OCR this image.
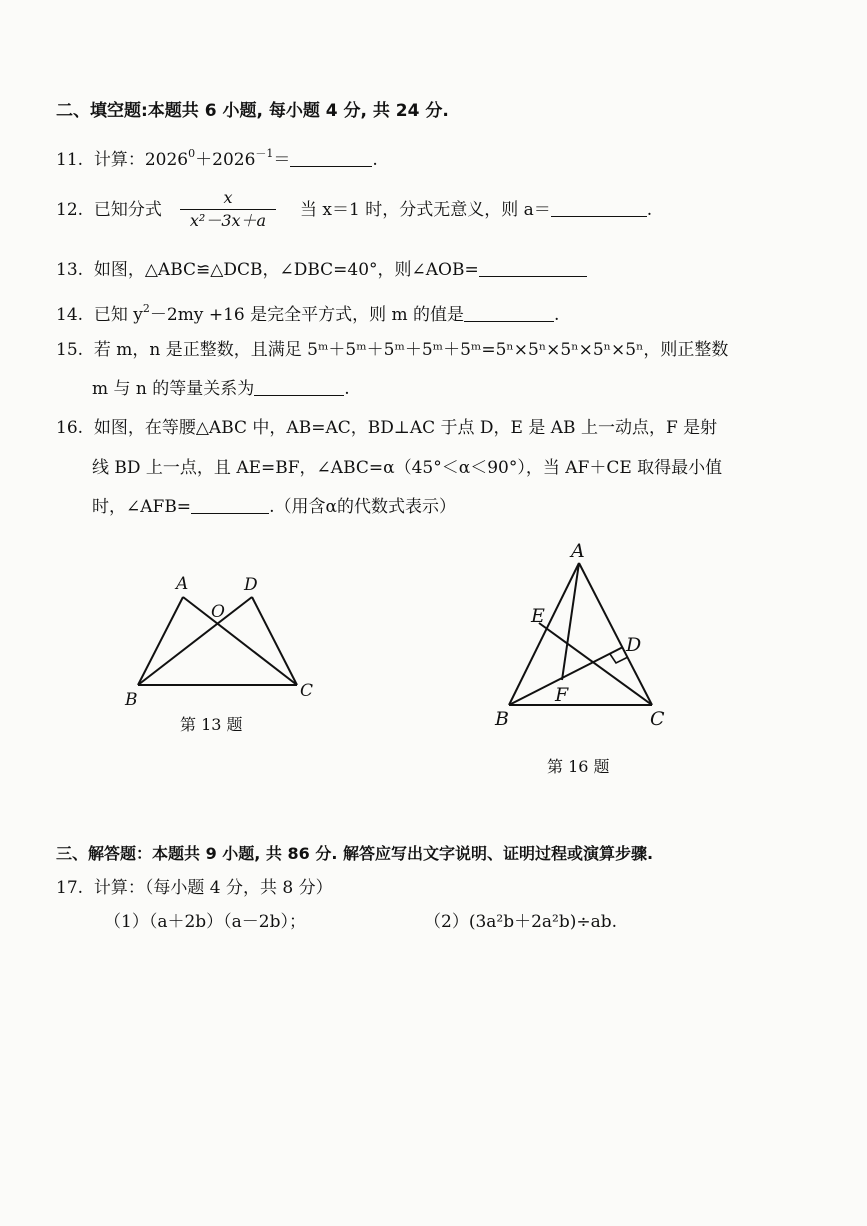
二、填空题:本题共 6 小题, 每小题 4 分, 共 24 分.
11. 计算：$2026^0+2026^{-1}=$	.
12. 已知分式
x
x²－3x＋a
当 x＝1 时，分式无意义，则 a＝	.
13. 如图，△ABC≌△DCB，∠DBC=40°，则∠AOB=
14. 已知 $y^2-2my +16$ 是完全平方式，则 m 的值是	.
15. 若 m，n 是正整数，且满足 5ᵐ＋5ᵐ＋5ᵐ＋5ᵐ＋5ᵐ=5ⁿ×5ⁿ×5ⁿ×5ⁿ×5ⁿ，则正整数
m 与 n 的等量关系为	.
16. 如图，在等腰△ABC 中，AB=AC，BD⊥AC 于点 D，E 是 AB 上一动点，F 是射
线 BD 上一点，且 AE=BF，∠ABC=α（45°＜α＜90°），当 AF＋CE 取得最小值
时，∠AFB=	.（用含α的代数式表示）
A	D
O
B	C
第 13 题
A
E
D
F
B	C
第 16 题
三、解答题：本题共 9 小题, 共 86 分. 解答应写出文字说明、证明过程或演算步骤.
17. 计算：（每小题 4 分，共 8 分）
（1）（a＋2b）（a－2b）；	（2）(3a²b＋2a²b)÷ab.
